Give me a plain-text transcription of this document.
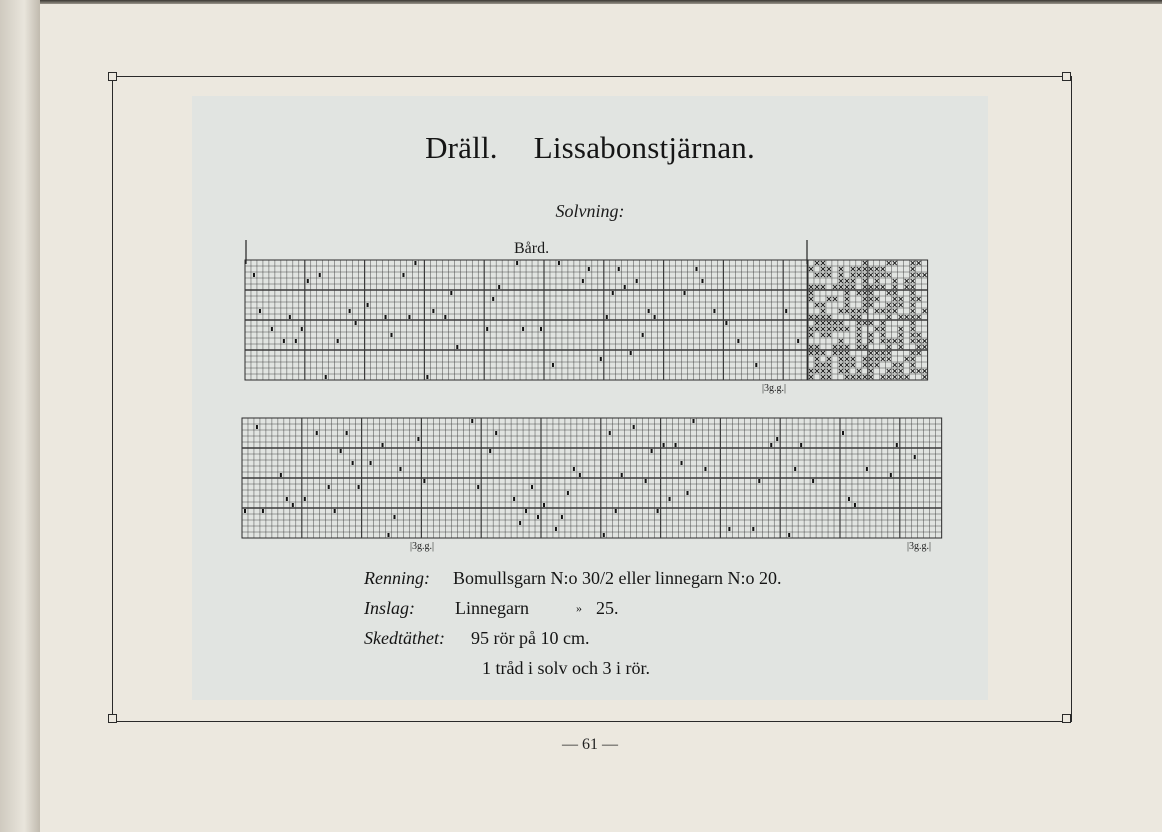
Dräll. Lissabonstjärnan.
Solvning:
Bård.
|3g.g.|
|3g.g.|	|3g.g.|
Renning: Bomullsgarn N:o 30/2 eller linnegarn N:o 20.
Inslag: Linnegarn	» 25.
Skedtäthet: 95 rör på 10 cm.
1 tråd i solv och 3 i rör.
— 61 —
